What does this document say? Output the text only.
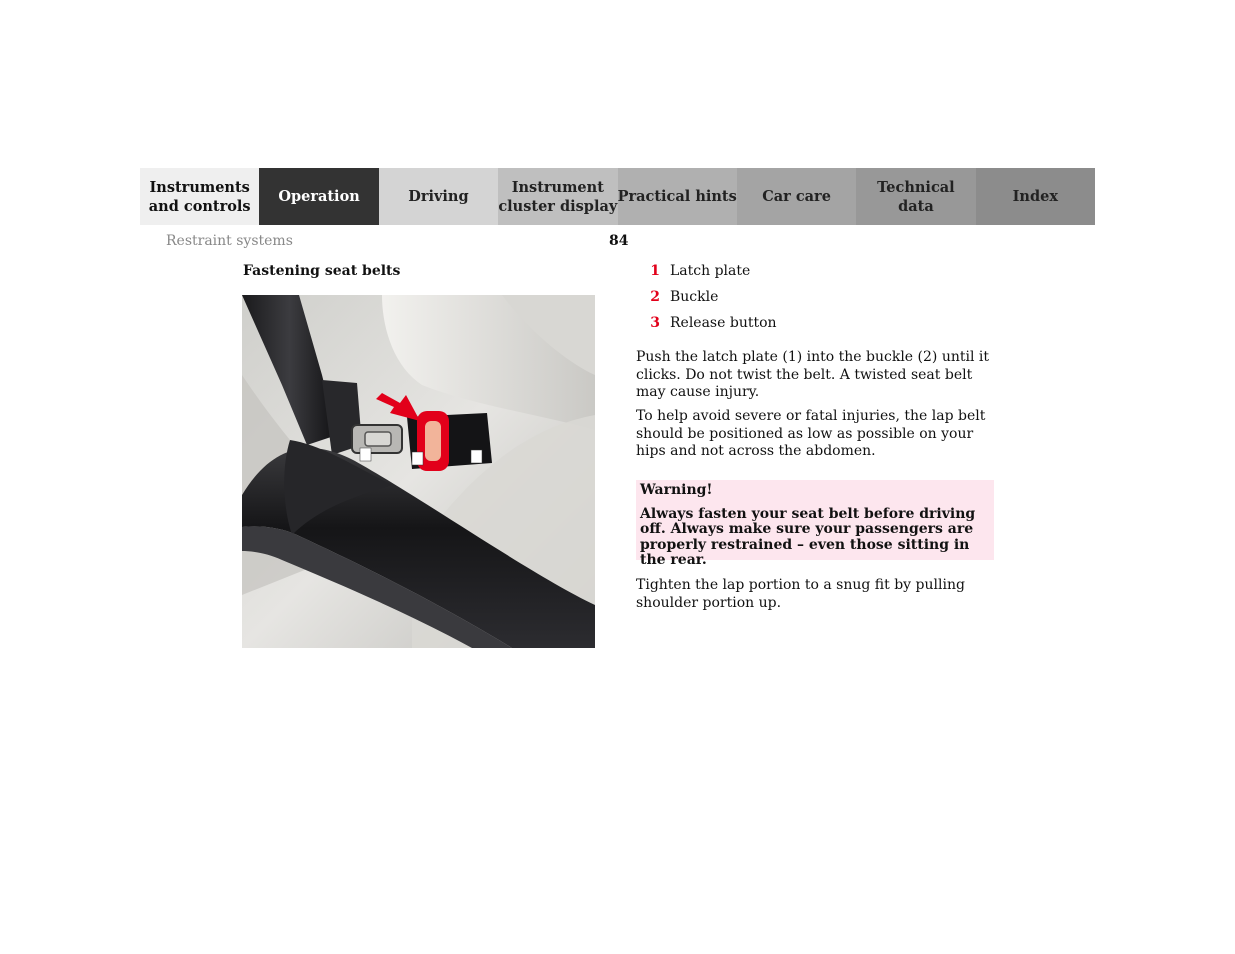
Instruments
and controls
Operation	Driving
Instrument
cluster display
Practical hints Car care
Technical
data
Index
Restraint systems	84
Fastening seat belts	1 Latch plate
2 Buckle
3 Release button
Push the latch plate (1) into the buckle (2) until it clicks. Do not twist the belt. A twisted seat belt may cause injury.
To help avoid severe or fatal injuries, the lap belt should be positioned as low as possible on your hips and not across the abdomen.
Warning!
Always fasten your seat belt before driving off. Always make sure your passengers are properly restrained – even those sitting in the rear.
Tighten the lap portion to a snug fit by pulling shoulder portion up.
